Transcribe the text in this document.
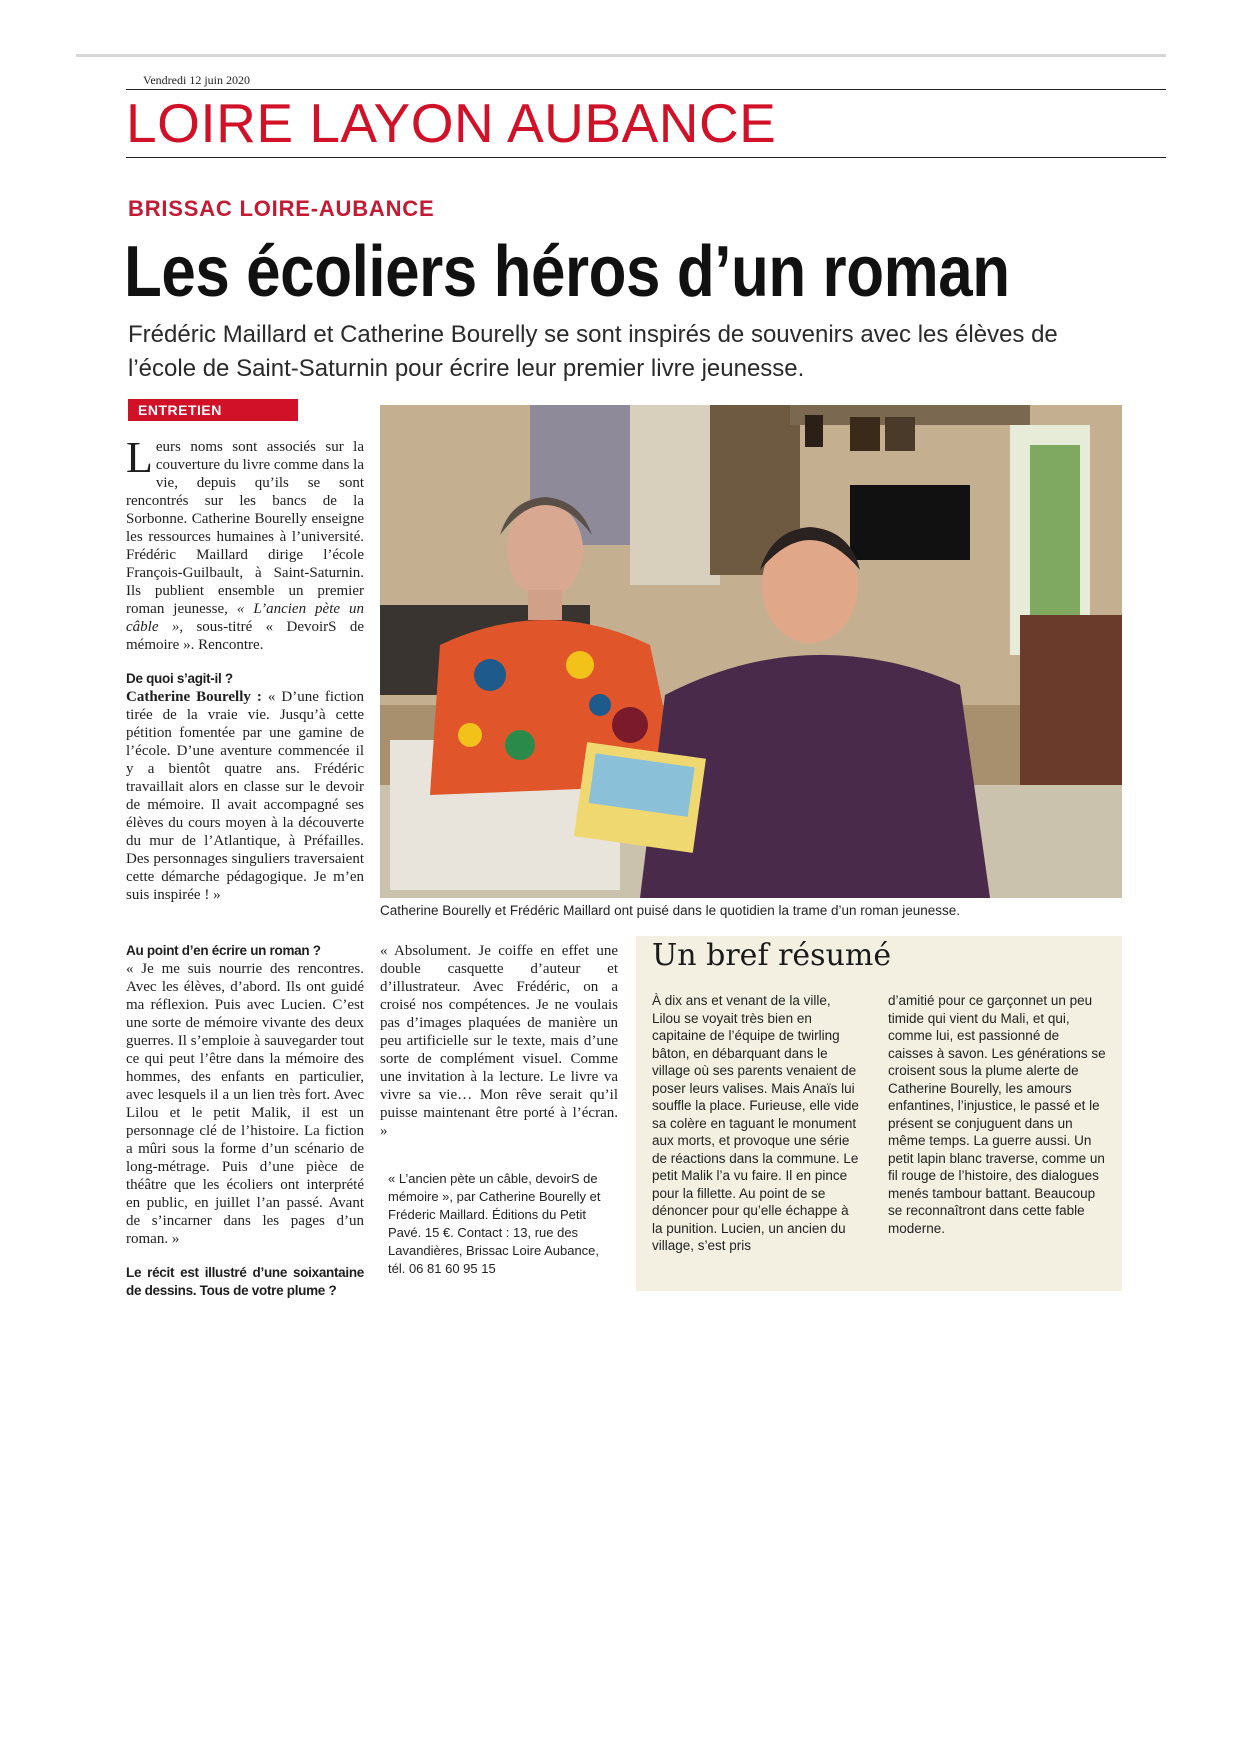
Vendredi 12 juin 2020
LOIRE LAYON AUBANCE
BRISSAC LOIRE-AUBANCE
Les écoliers héros d’un roman
Frédéric Maillard et Catherine Bourelly se sont inspirés de souvenirs avec les élèves de l’école de Saint-Saturnin pour écrire leur premier livre jeunesse.
ENTRETIEN

Leurs noms sont associés sur la couverture du livre comme dans la vie, depuis qu’ils se sont rencontrés sur les bancs de la Sorbonne. Catherine Bourelly enseigne les ressources humaines à l’université. Frédéric Maillard dirige l’école François-Guilbault, à Saint-Saturnin. Ils publient ensemble un premier roman jeunesse, « L’ancien pète un câble », sous-titré « DevoirS de mémoire ». Rencontre.

De quoi s’agit-il ?

Catherine Bourelly : « D’une fiction tirée de la vraie vie. Jusqu’à cette pétition fomentée par une gamine de l’école. D’une aventure commencée il y a bientôt quatre ans. Frédéric travaillait alors en classe sur le devoir de mémoire. Il avait accompagné ses élèves du cours moyen à la découverte du mur de l’Atlantique, à Préfailles. Des personnages singuliers traversaient cette démarche pédagogique. Je m’en suis inspirée ! »

Au point d’en écrire un roman ?

« Je me suis nourrie des rencontres. Avec les élèves, d’abord. Ils ont guidé ma réflexion. Puis avec Lucien. C’est une sorte de mémoire vivante des deux guerres. Il s’emploie à sauvegarder tout ce qui peut l’être dans la mémoire des hommes, des enfants en particulier, avec lesquels il a un lien très fort. Avec Lilou et le petit Malik, il est un personnage clé de l’histoire. La fiction a mûri sous la forme d’un scénario de long-métrage. Puis d’une pièce de théâtre que les écoliers ont interprété en public, en juillet l’an passé. Avant de s’incarner dans les pages d’un roman. »

Le récit est illustré d’une soixantaine de dessins. Tous de votre plume ?

« Absolument. Je coiffe en effet une double casquette d’auteur et d’illustrateur. Avec Frédéric, on a croisé nos compétences. Je ne voulais pas d’images plaquées de manière un peu artificielle sur le texte, mais d’une sorte de complément visuel. Comme une invitation à la lecture. Le livre va vivre sa vie… Mon rêve serait qu’il puisse maintenant être porté à l’écran. »

« L’ancien pète un câble, devoirS de mémoire », par Catherine Bourelly et Fréderic Maillard. Éditions du Petit Pavé. 15 €. Contact : 13, rue des Lavandières, Brissac Loire Aubance, tél. 06 81 60 95 15
Catherine Bourelly et Frédéric Maillard ont puisé dans le quotidien la trame d’un roman jeunesse.
Un bref résumé
À dix ans et venant de la ville, Lilou se voyait très bien en capitaine de l’équipe de twirling bâton, en débarquant dans le village où ses parents venaient de poser leurs valises. Mais Anaïs lui souffle la place. Furieuse, elle vide sa colère en taguant le monument aux morts, et provoque une série de réactions dans la commune. Le petit Malik l’a vu faire. Il en pince pour la fillette. Au point de se dénoncer pour qu’elle échappe à la punition. Lucien, un ancien du village, s’est pris
d’amitié pour ce garçonnet un peu timide qui vient du Mali, et qui, comme lui, est passionné de caisses à savon. Les générations se croisent sous la plume alerte de Catherine Bourelly, les amours enfantines, l’injustice, le passé et le présent se conjuguent dans un même temps. La guerre aussi. Un petit lapin blanc traverse, comme un fil rouge de l’histoire, des dialogues menés tambour battant. Beaucoup se reconnaîtront dans cette fable moderne.
